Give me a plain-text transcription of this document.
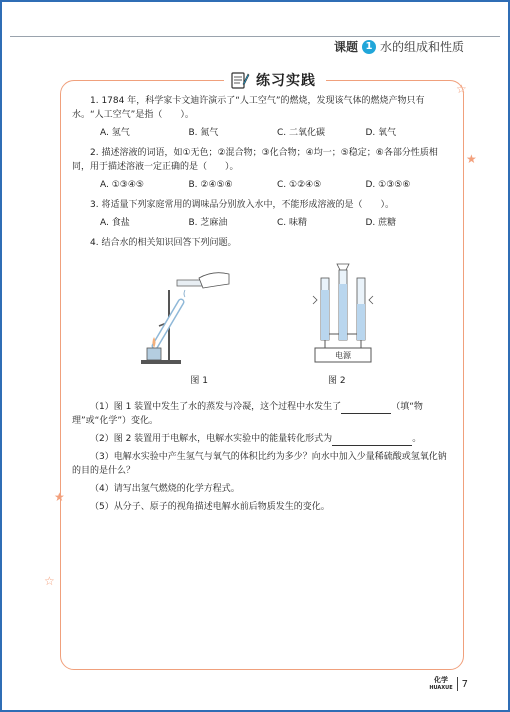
课题 1 水的组成和性质
☆
★
★
☆
练习实践

1. 1784 年，科学家卡文迪许演示了“人工空气”的燃烧，发现该气体的燃烧产物只有水。“人工空气”是指（　　）。

A. 氢气	B. 氮气	C. 二氧化碳	D. 氧气

2. 描述溶液的词语，如①无色；②混合物；③化合物；④均一；⑤稳定；⑥各部分性质相同，用于描述溶液一定正确的是（　　）。

A. ①③④⑤	B. ②④⑤⑥	C. ①②④⑤	D. ①③⑤⑥

3. 将适量下列家庭常用的调味品分别放入水中，不能形成溶液的是（　　）。

A. 食盐	B. 芝麻油	C. 味精	D. 蔗糖

4. 结合水的相关知识回答下列问题。

电源
图 1	图 2

（1）图 1 装置中发生了水的蒸发与冷凝，这个过程中水发生了	（填“物理”或“化学”）变化。

（2）图 2 装置用于电解水，电解水实验中的能量转化形式为	。

（3）电解水实验中产生氢气与氧气的体积比约为多少？向水中加入少量稀硫酸或氢氧化钠的目的是什么？

（4）请写出氢气燃烧的化学方程式。

（5）从分子、原子的视角描述电解水前后物质发生的变化。

化学
HUAXUE 7
